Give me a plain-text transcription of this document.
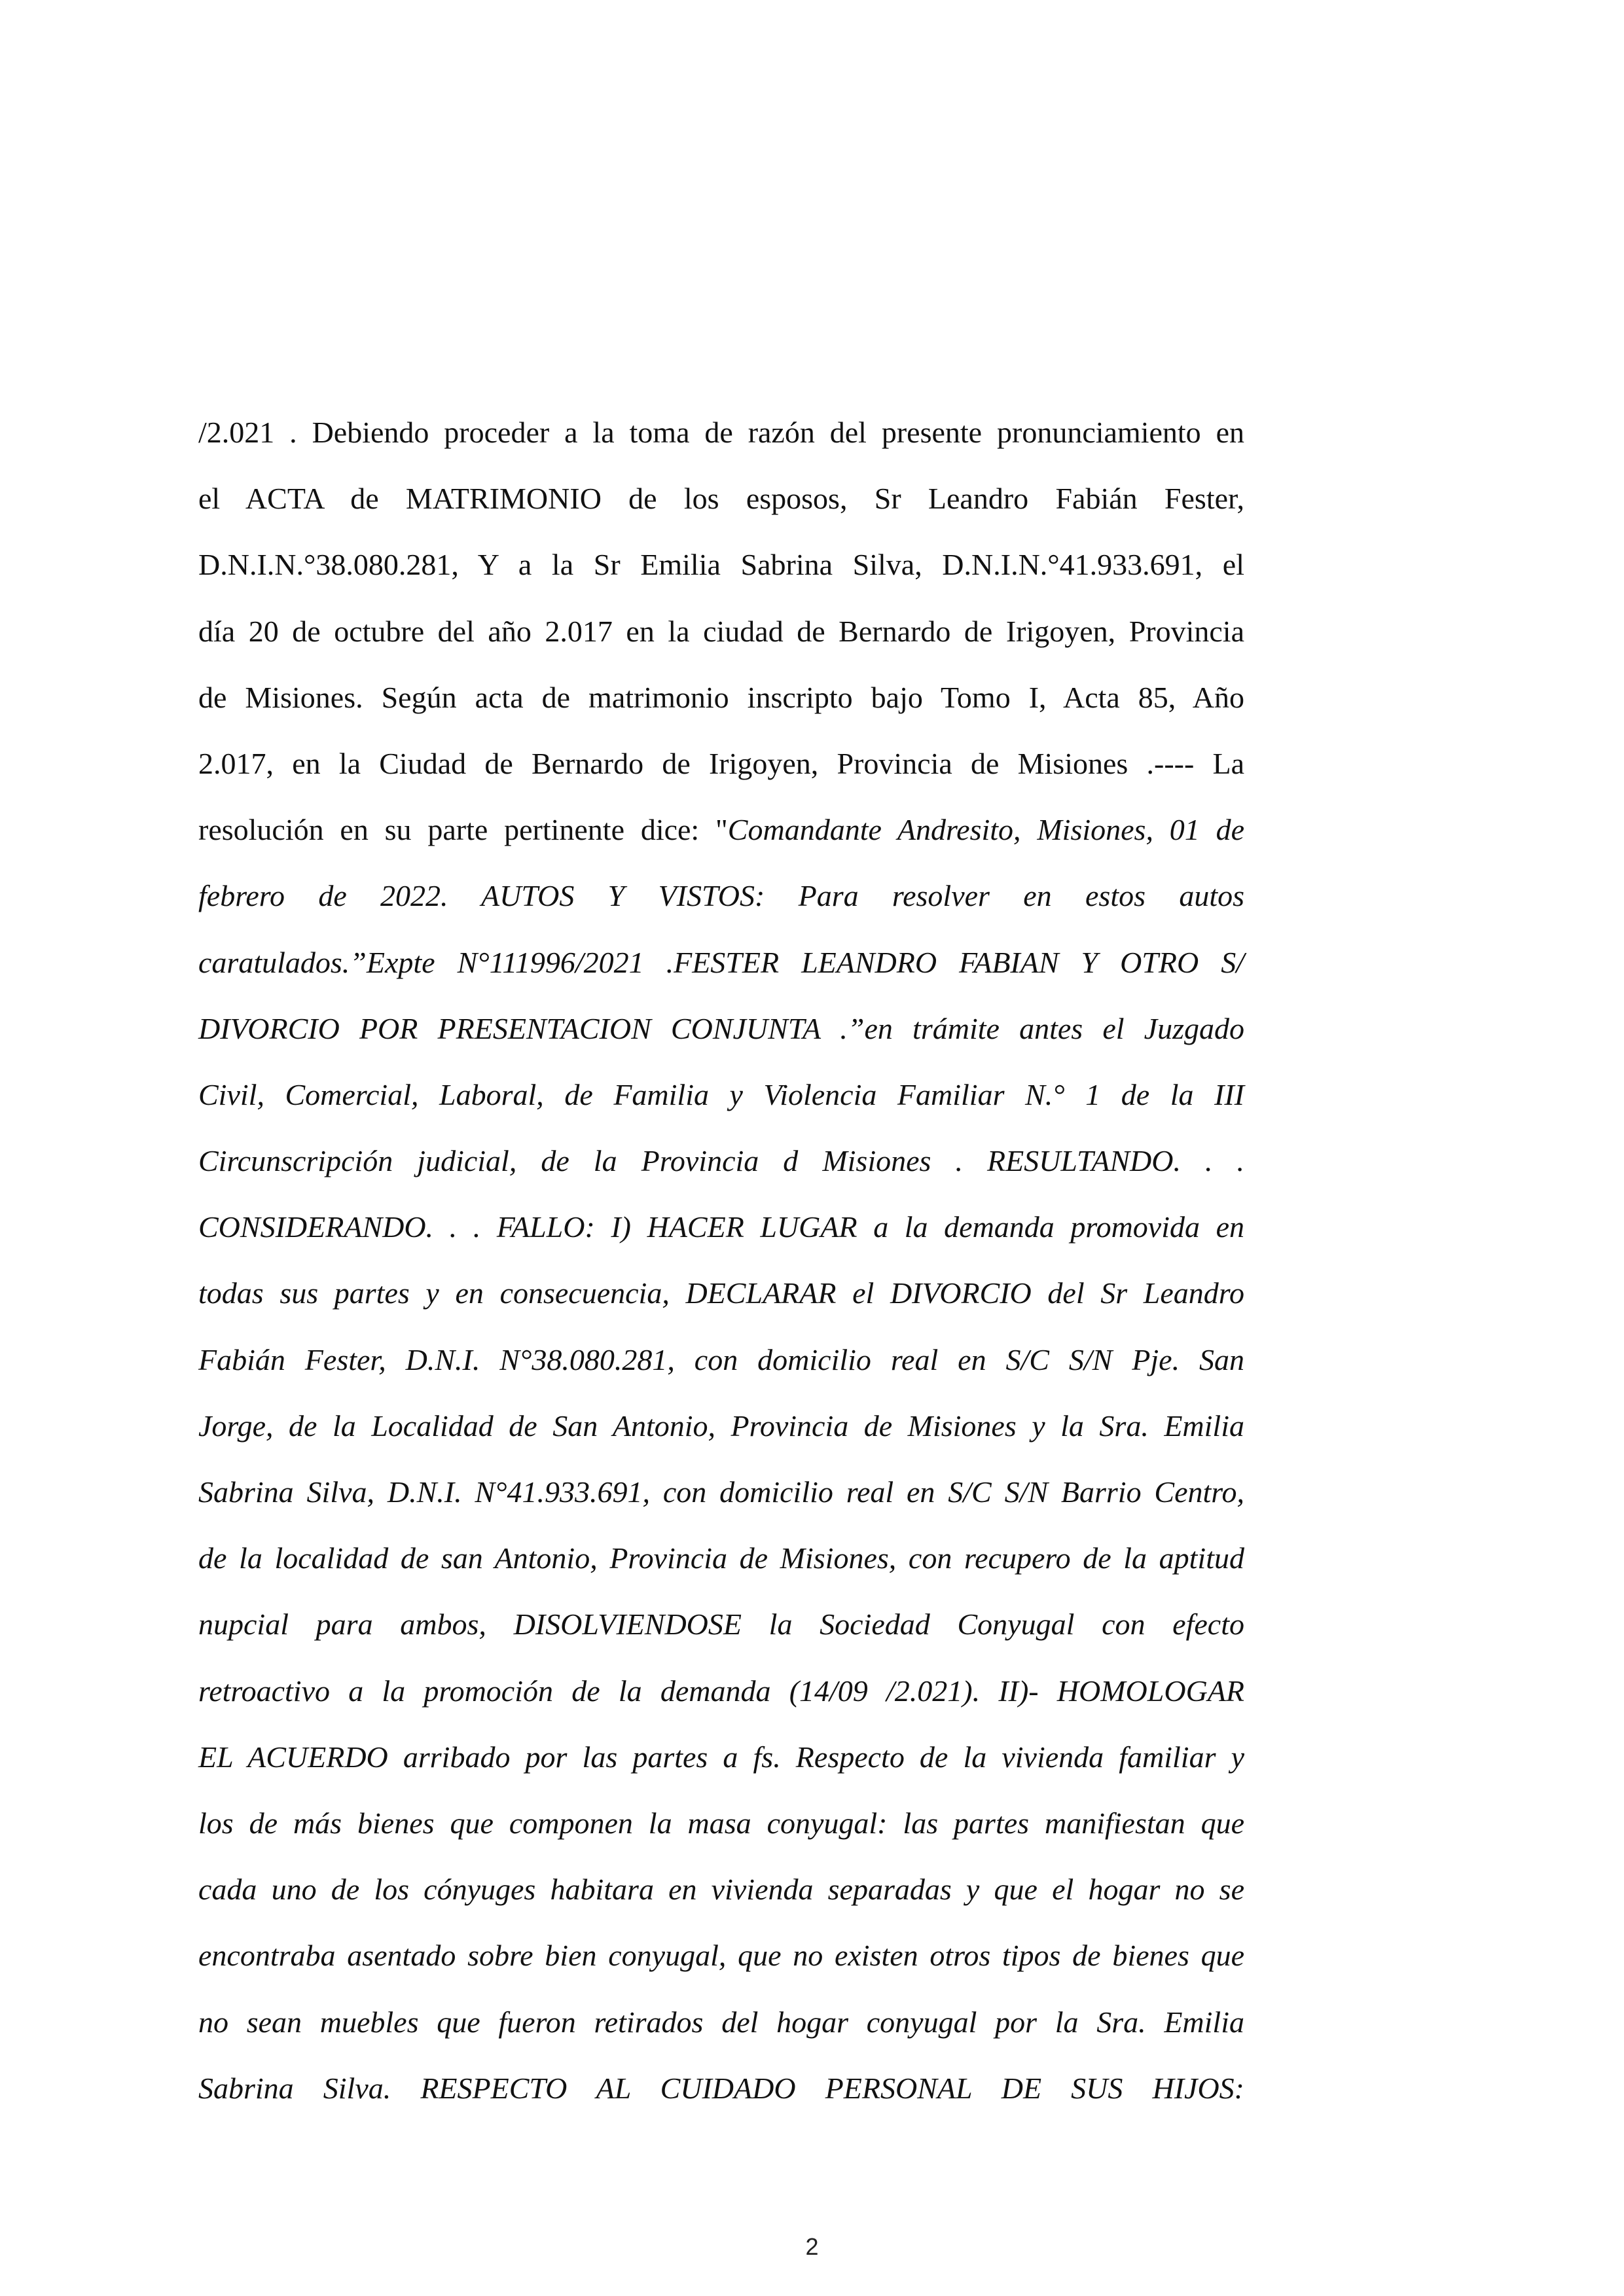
/2.021 . Debiendo proceder a la toma de razón del presente pronunciamiento en
el ACTA de MATRIMONIO de los esposos, Sr Leandro Fabián Fester,
D.N.I.N.°38.080.281, Y a la Sr Emilia Sabrina Silva, D.N.I.N.°41.933.691, el
día 20 de octubre del año 2.017 en la ciudad de Bernardo de Irigoyen, Provincia
de Misiones. Según acta de matrimonio inscripto bajo Tomo I, Acta 85, Año
2.017, en la Ciudad de Bernardo de Irigoyen, Provincia de Misiones .---- La
resolución en su parte pertinente dice: "Comandante Andresito, Misiones, 01 de
febrero de 2022. AUTOS Y VISTOS: Para resolver en estos autos
caratulados.”Expte N°111996/2021 .FESTER LEANDRO FABIAN Y OTRO S/
DIVORCIO POR PRESENTACION CONJUNTA .”en trámite antes el Juzgado
Civil, Comercial, Laboral, de Familia y Violencia Familiar N.° 1 de la III
Circunscripción judicial, de la Provincia d Misiones . RESULTANDO. . .
CONSIDERANDO. . . FALLO: I) HACER LUGAR a la demanda promovida en
todas sus partes y en consecuencia, DECLARAR el DIVORCIO del Sr Leandro
Fabián Fester, D.N.I. N°38.080.281, con domicilio real en S/C S/N Pje. San
Jorge, de la Localidad de San Antonio, Provincia de Misiones y la Sra. Emilia
Sabrina Silva, D.N.I. N°41.933.691, con domicilio real en S/C S/N Barrio Centro,
de la localidad de san Antonio, Provincia de Misiones, con recupero de la aptitud
nupcial para ambos, DISOLVIENDOSE la Sociedad Conyugal con efecto
retroactivo a la promoción de la demanda (14/09 /2.021). II)- HOMOLOGAR
EL ACUERDO arribado por las partes a fs. Respecto de la vivienda familiar y
los de más bienes que componen la masa conyugal: las partes manifiestan que
cada uno de los cónyuges habitara en vivienda separadas y que el hogar no se
encontraba asentado sobre bien conyugal, que no existen otros tipos de bienes que
no sean muebles que fueron retirados del hogar conyugal por la Sra. Emilia
Sabrina Silva. RESPECTO AL CUIDADO PERSONAL DE SUS HIJOS:
2
